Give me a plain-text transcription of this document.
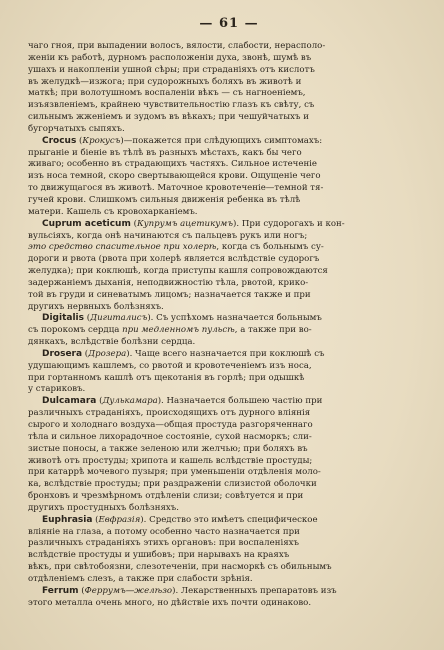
— 61 —
чаго гноя, при выпадении волосъ, вялости, слабости, нерасполо-
женіи къ работѣ, дурномъ расположеніи духа, звонѣ, шумѣ въ
ушахъ и накопленіи ушной сѣры; при страданіяхъ отъ кислотъ
въ желудкѣ—изжога; при судорожныхъ боляхъ въ животѣ и
маткѣ; при волотушномъ воспаленіи вѣкъ — съ нагноеніемъ,
изъязвленіемъ, крайнею чувствительностію глазъ къ свѣту, съ
сильнымъ жженіемъ и зудомъ въ вѣкахъ; при чешуйчатыхъ и
бугорчатыхъ сыпяхъ.
Crocus (Крокусъ)—покажется при слѣдующихъ симптомахъ:
прыганіе и біеніе въ тѣлѣ въ разныхъ мѣстахъ, какъ бы чего
живаго; особенно въ страдающихъ частяхъ. Сильное истеченіе
изъ носа темной, скоро свертывающейся крови. Ощущеніе чего
то движущагося въ животѣ. Маточное кровотеченіе—темной тя-
гучей крови. Слишкомъ сильныя движенія ребенка въ тѣлѣ
матери. Кашель съ кровохарканіемъ.
Cuprum aceticum (Купрумъ ацетикумъ). При судорогахъ и кон-
вульсіяхъ, когда онѣ начинаются съ пальцевъ рукъ или ногъ;
это средство спасительное при холерѣ, когда съ больнымъ су-
дороги и рвота (рвота при холерѣ является вслѣдствіе судорогъ
желудка); при коклюшѣ, когда приступы кашля сопровождаются
задержаніемъ дыханія, неподвижностію тѣла, рвотой, крико-
той въ груди и синеватымъ лицомъ; назначается также и при
другихъ нервныхъ болѣзняхъ.
Digitalis (Дигиталисъ). Съ успѣхомъ назначается больнымъ
съ порокомъ сердца при медленномъ пульсѣ, а также при во-
дянкахъ, вслѣдствіе болѣзни сердца.
Drosera (Дрозера). Чаще всего назначается при коклюшѣ съ
удушающимъ кашлемъ, со рвотой и кровотеченіемъ изъ носа,
при гортанномъ кашлѣ отъ щекотанія въ горлѣ; при одышкѣ
у стариковъ.
Dulcamara (Дулькамара). Назначается большею частію при
различныхъ страданіяхъ, происходящихъ отъ дурного вліянія
сырого и холоднаго воздуха—общая простуда разгоряченнаго
тѣла и сильное лихорадочное состояніе, сухой насморкъ; сли-
зистые поносы, а также зеленою или желчью; при боляхъ въ
животѣ отъ простуды; хрипота и кашель вслѣдствіе простуды;
при катаррѣ мочевого пузыря; при уменьшеніи отдѣленія моло-
ка, вслѣдствіе простуды; при раздраженіи слизистой оболочки
бронховъ и чрезмѣрномъ отдѣленіи слизи; совѣтуется и при
другихъ простудныхъ болѣзняхъ.
Euphrasia (Евфразія). Средство это имѣетъ специфическое
вліяніе на глаза, а потому особенно часто назначается при
различныхъ страданіяхъ этихъ органовъ: при воспаленіяхъ
вслѣдствіе простуды и ушибовъ; при нарывахъ на краяхъ
вѣкъ, при свѣтобоязни, слезотеченіи, при насморкѣ съ обильнымъ
отдѣленіемъ слезъ, а также при слабости зрѣнія.
Ferrum (Феррумъ—желѣзо). Лекарственныхъ препаратовъ изъ
этого металла очень много, но дѣйствіе ихъ почти одинаково.
